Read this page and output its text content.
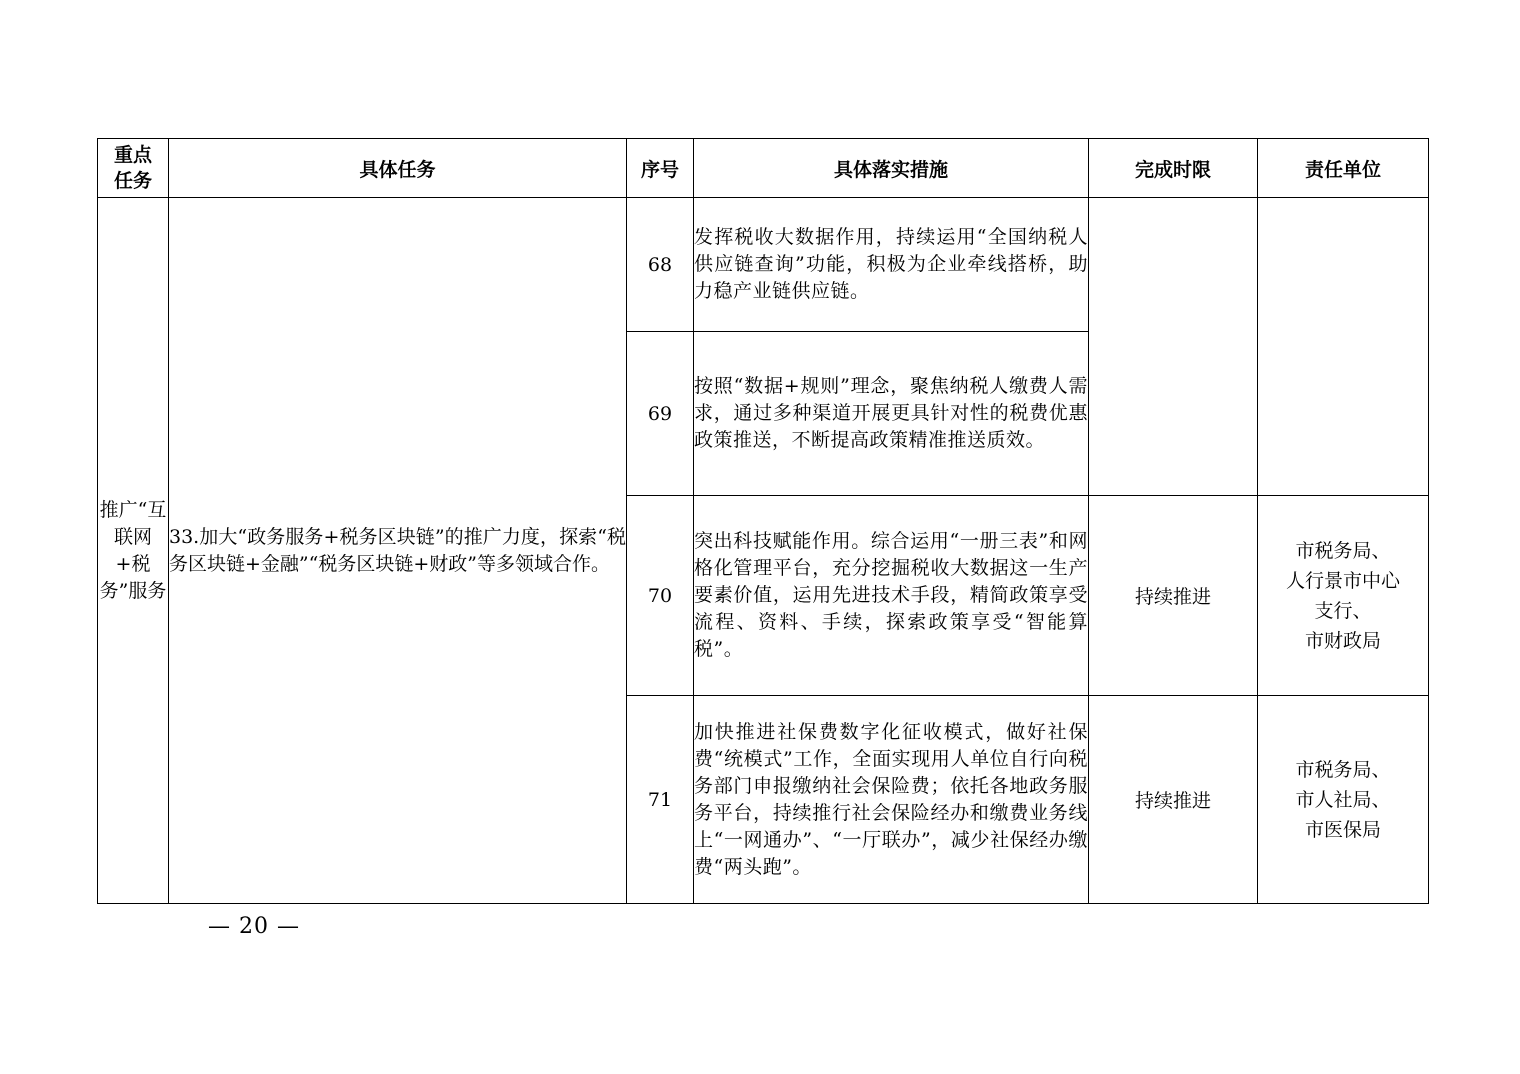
重点任务	具体任务	序号	具体落实措施	完成时限	责任单位
推广“互联网+税务”服务	33.加大“政务服务+税务区块链”的推广力度，探索“税务区块链+金融”“税务区块链+财政”等多领域合作。	68	发挥税收大数据作用，持续运用“全国纳税人供应链查询”功能，积极为企业牵线搭桥，助力稳产业链供应链。		
		69	按照“数据+规则”理念，聚焦纳税人缴费人需求，通过多种渠道开展更具针对性的税费优惠政策推送，不断提高政策精准推送质效。		
		70	突出科技赋能作用。综合运用“一册三表”和网格化管理平台，充分挖掘税收大数据这一生产要素价值，运用先进技术手段，精简政策享受流程、资料、手续，探索政策享受“智能算税”。	持续推进	市税务局、
人行景市中心
支行、
市财政局

		71	加快推进社保费数字化征收模式，做好社保费“统模式”工作，全面实现用人单位自行向税务部门申报缴纳社会保险费；依托各地政务服务平台，持续推行社会保险经办和缴费业务线上“一网通办”、“一厅联办”，减少社保经办缴费“两头跑”。	持续推进	市税务局、
市人社局、
市医保局
— 20 —
